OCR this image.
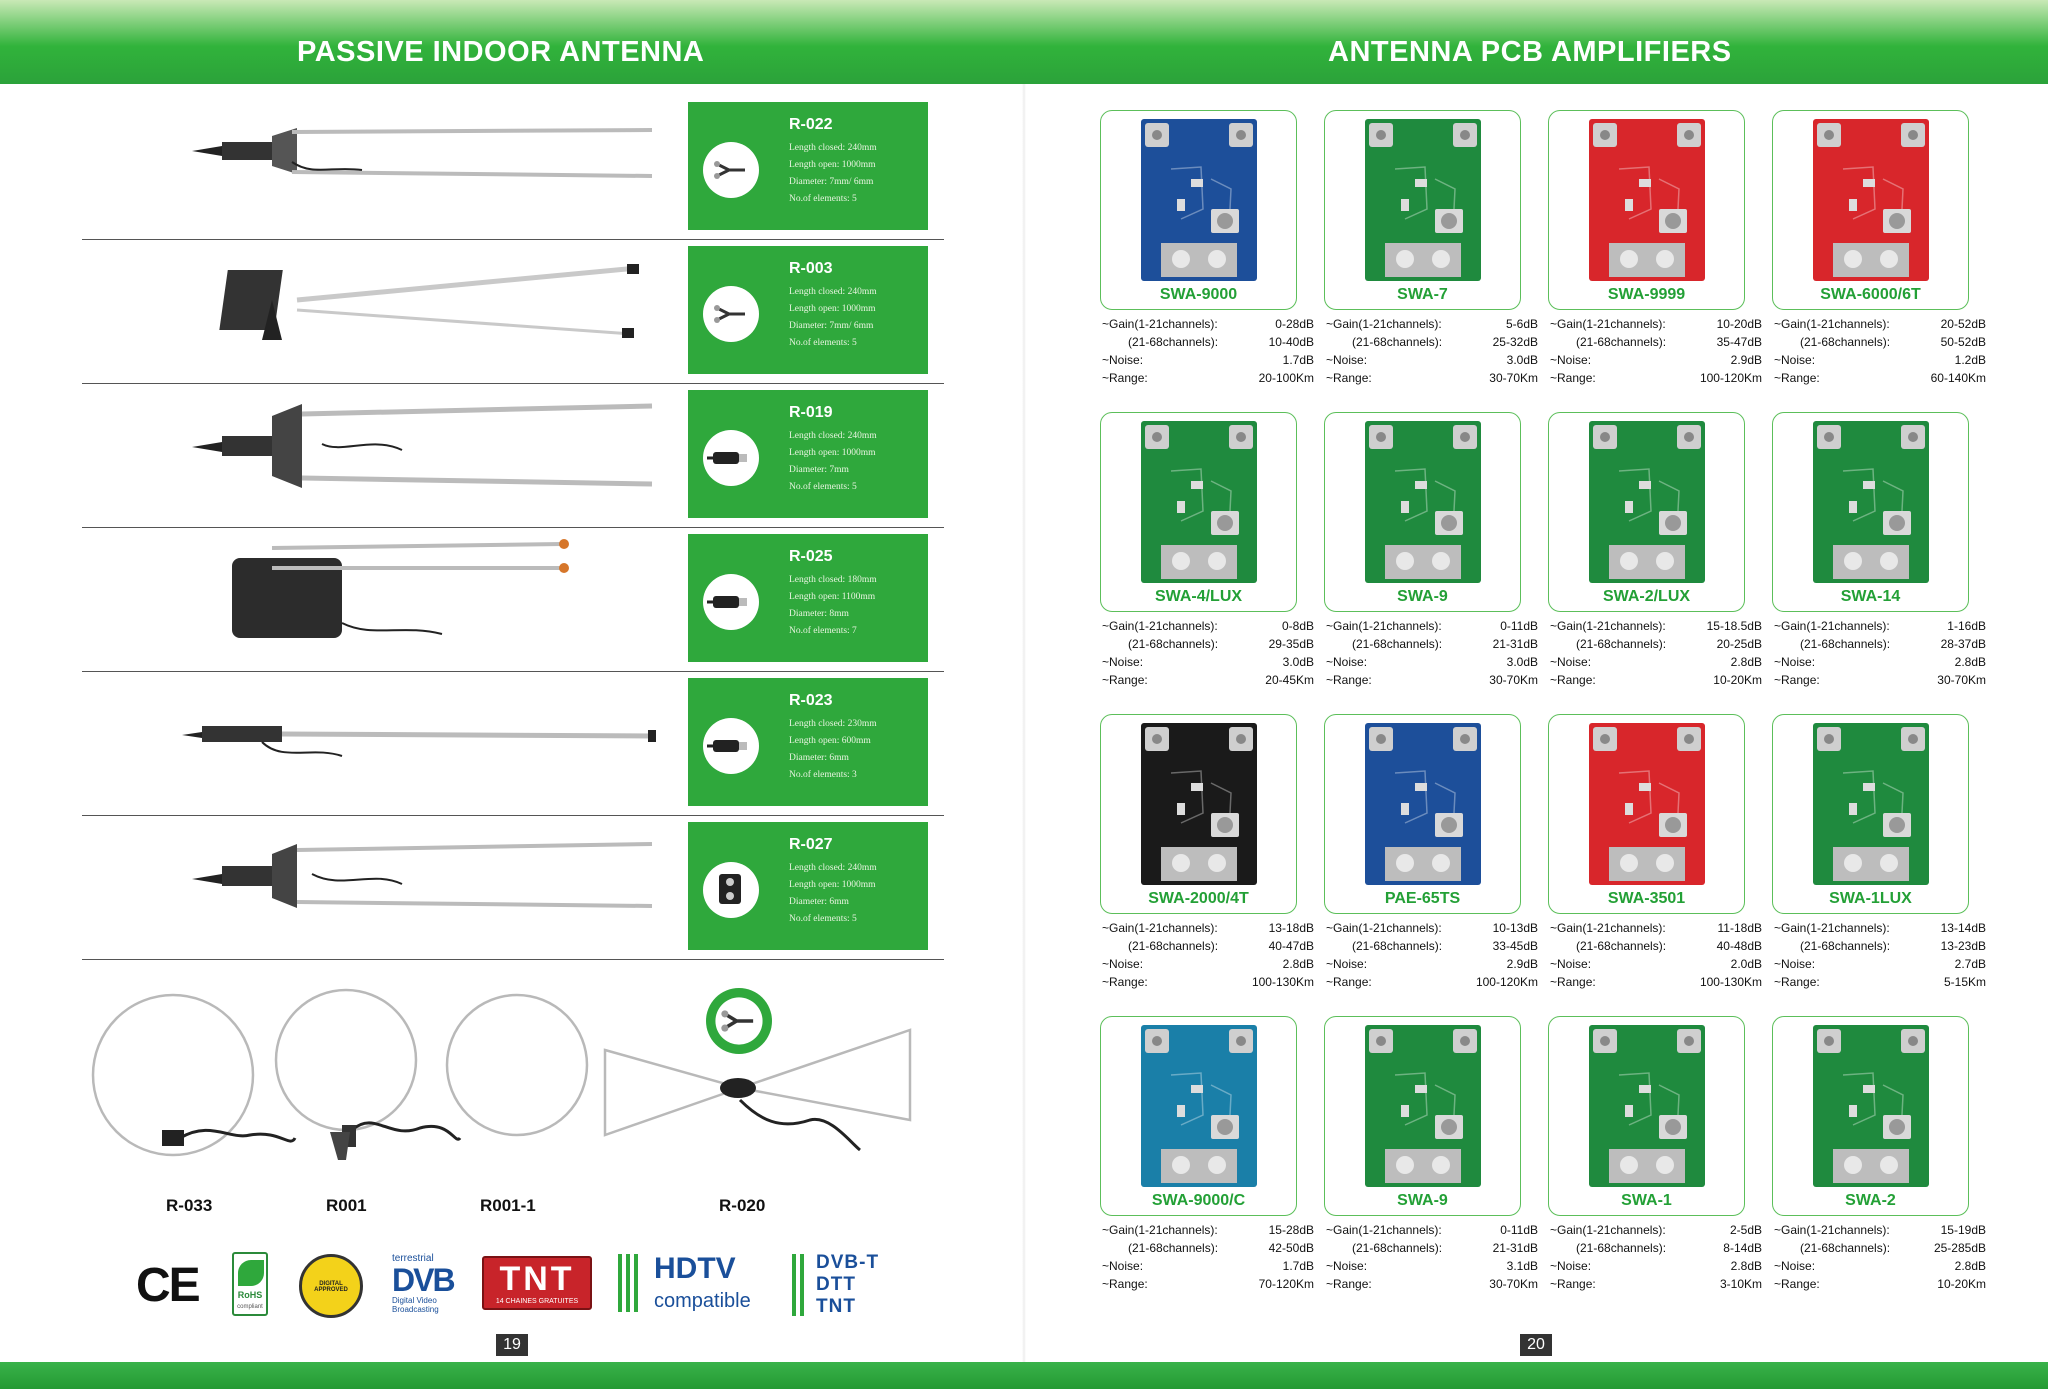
PASSIVE INDOOR ANTENNA	ANTENNA PCB AMPLIFIERS
R-022
Length closed: 240mm
Length open: 1000mm
Diameter: 7mm/ 6mm
No.of elements: 5
R-003
Length closed: 240mm
Length open: 1000mm
Diameter: 7mm/ 6mm
No.of elements: 5
R-019
Length closed: 240mm
Length open: 1000mm
Diameter: 7mm
No.of elements: 5
R-025
Length closed: 180mm
Length open: 1100mm
Diameter: 8mm
No.of elements: 7
R-023
Length closed: 230mm
Length open: 600mm
Diameter: 6mm
No.of elements: 3
R-027
Length closed: 240mm
Length open: 1000mm
Diameter: 6mm
No.of elements: 5
R-033	R001	R001-1	R-020
CE	RoHS
compliant
DIGITAL APPROVED
terrestrial
DVB
Digital Video
Broadcasting
TNT
14 CHAINES GRATUITES
HDTV
compatible
DVB-T
DTT
TNT
19
SWA-9000
~Gain(1-21channels):	0-28dB
(21-68channels):	10-40dB
~Noise:	1.7dB
~Range:	20-100Km
SWA-7
~Gain(1-21channels):	5-6dB
(21-68channels):	25-32dB
~Noise:	3.0dB
~Range:	30-70Km
SWA-9999
~Gain(1-21channels):	10-20dB
(21-68channels):	35-47dB
~Noise:	2.9dB
~Range:	100-120Km
SWA-6000/6T
~Gain(1-21channels):	20-52dB
(21-68channels):	50-52dB
~Noise:	1.2dB
~Range:	60-140Km
SWA-4/LUX
~Gain(1-21channels):	0-8dB
(21-68channels):	29-35dB
~Noise:	3.0dB
~Range:	20-45Km
SWA-9
~Gain(1-21channels):	0-11dB
(21-68channels):	21-31dB
~Noise:	3.0dB
~Range:	30-70Km
SWA-2/LUX
~Gain(1-21channels):	15-18.5dB
(21-68channels):	20-25dB
~Noise:	2.8dB
~Range:	10-20Km
SWA-14
~Gain(1-21channels):	1-16dB
(21-68channels):	28-37dB
~Noise:	2.8dB
~Range:	30-70Km
SWA-2000/4T
~Gain(1-21channels):	13-18dB
(21-68channels):	40-47dB
~Noise:	2.8dB
~Range:	100-130Km
PAE-65TS
~Gain(1-21channels):	10-13dB
(21-68channels):	33-45dB
~Noise:	2.9dB
~Range:	100-120Km
SWA-3501
~Gain(1-21channels):	11-18dB
(21-68channels):	40-48dB
~Noise:	2.0dB
~Range:	100-130Km
SWA-1LUX
~Gain(1-21channels):	13-14dB
(21-68channels):	13-23dB
~Noise:	2.7dB
~Range:	5-15Km
SWA-9000/C
~Gain(1-21channels):	15-28dB
(21-68channels):	42-50dB
~Noise:	1.7dB
~Range:	70-120Km
SWA-9
~Gain(1-21channels):	0-11dB
(21-68channels):	21-31dB
~Noise:	3.1dB
~Range:	30-70Km
SWA-1
~Gain(1-21channels):	2-5dB
(21-68channels):	8-14dB
~Noise:	2.8dB
~Range:	3-10Km
SWA-2
~Gain(1-21channels):	15-19dB
(21-68channels):	25-285dB
~Noise:	2.8dB
~Range:	10-20Km
20
